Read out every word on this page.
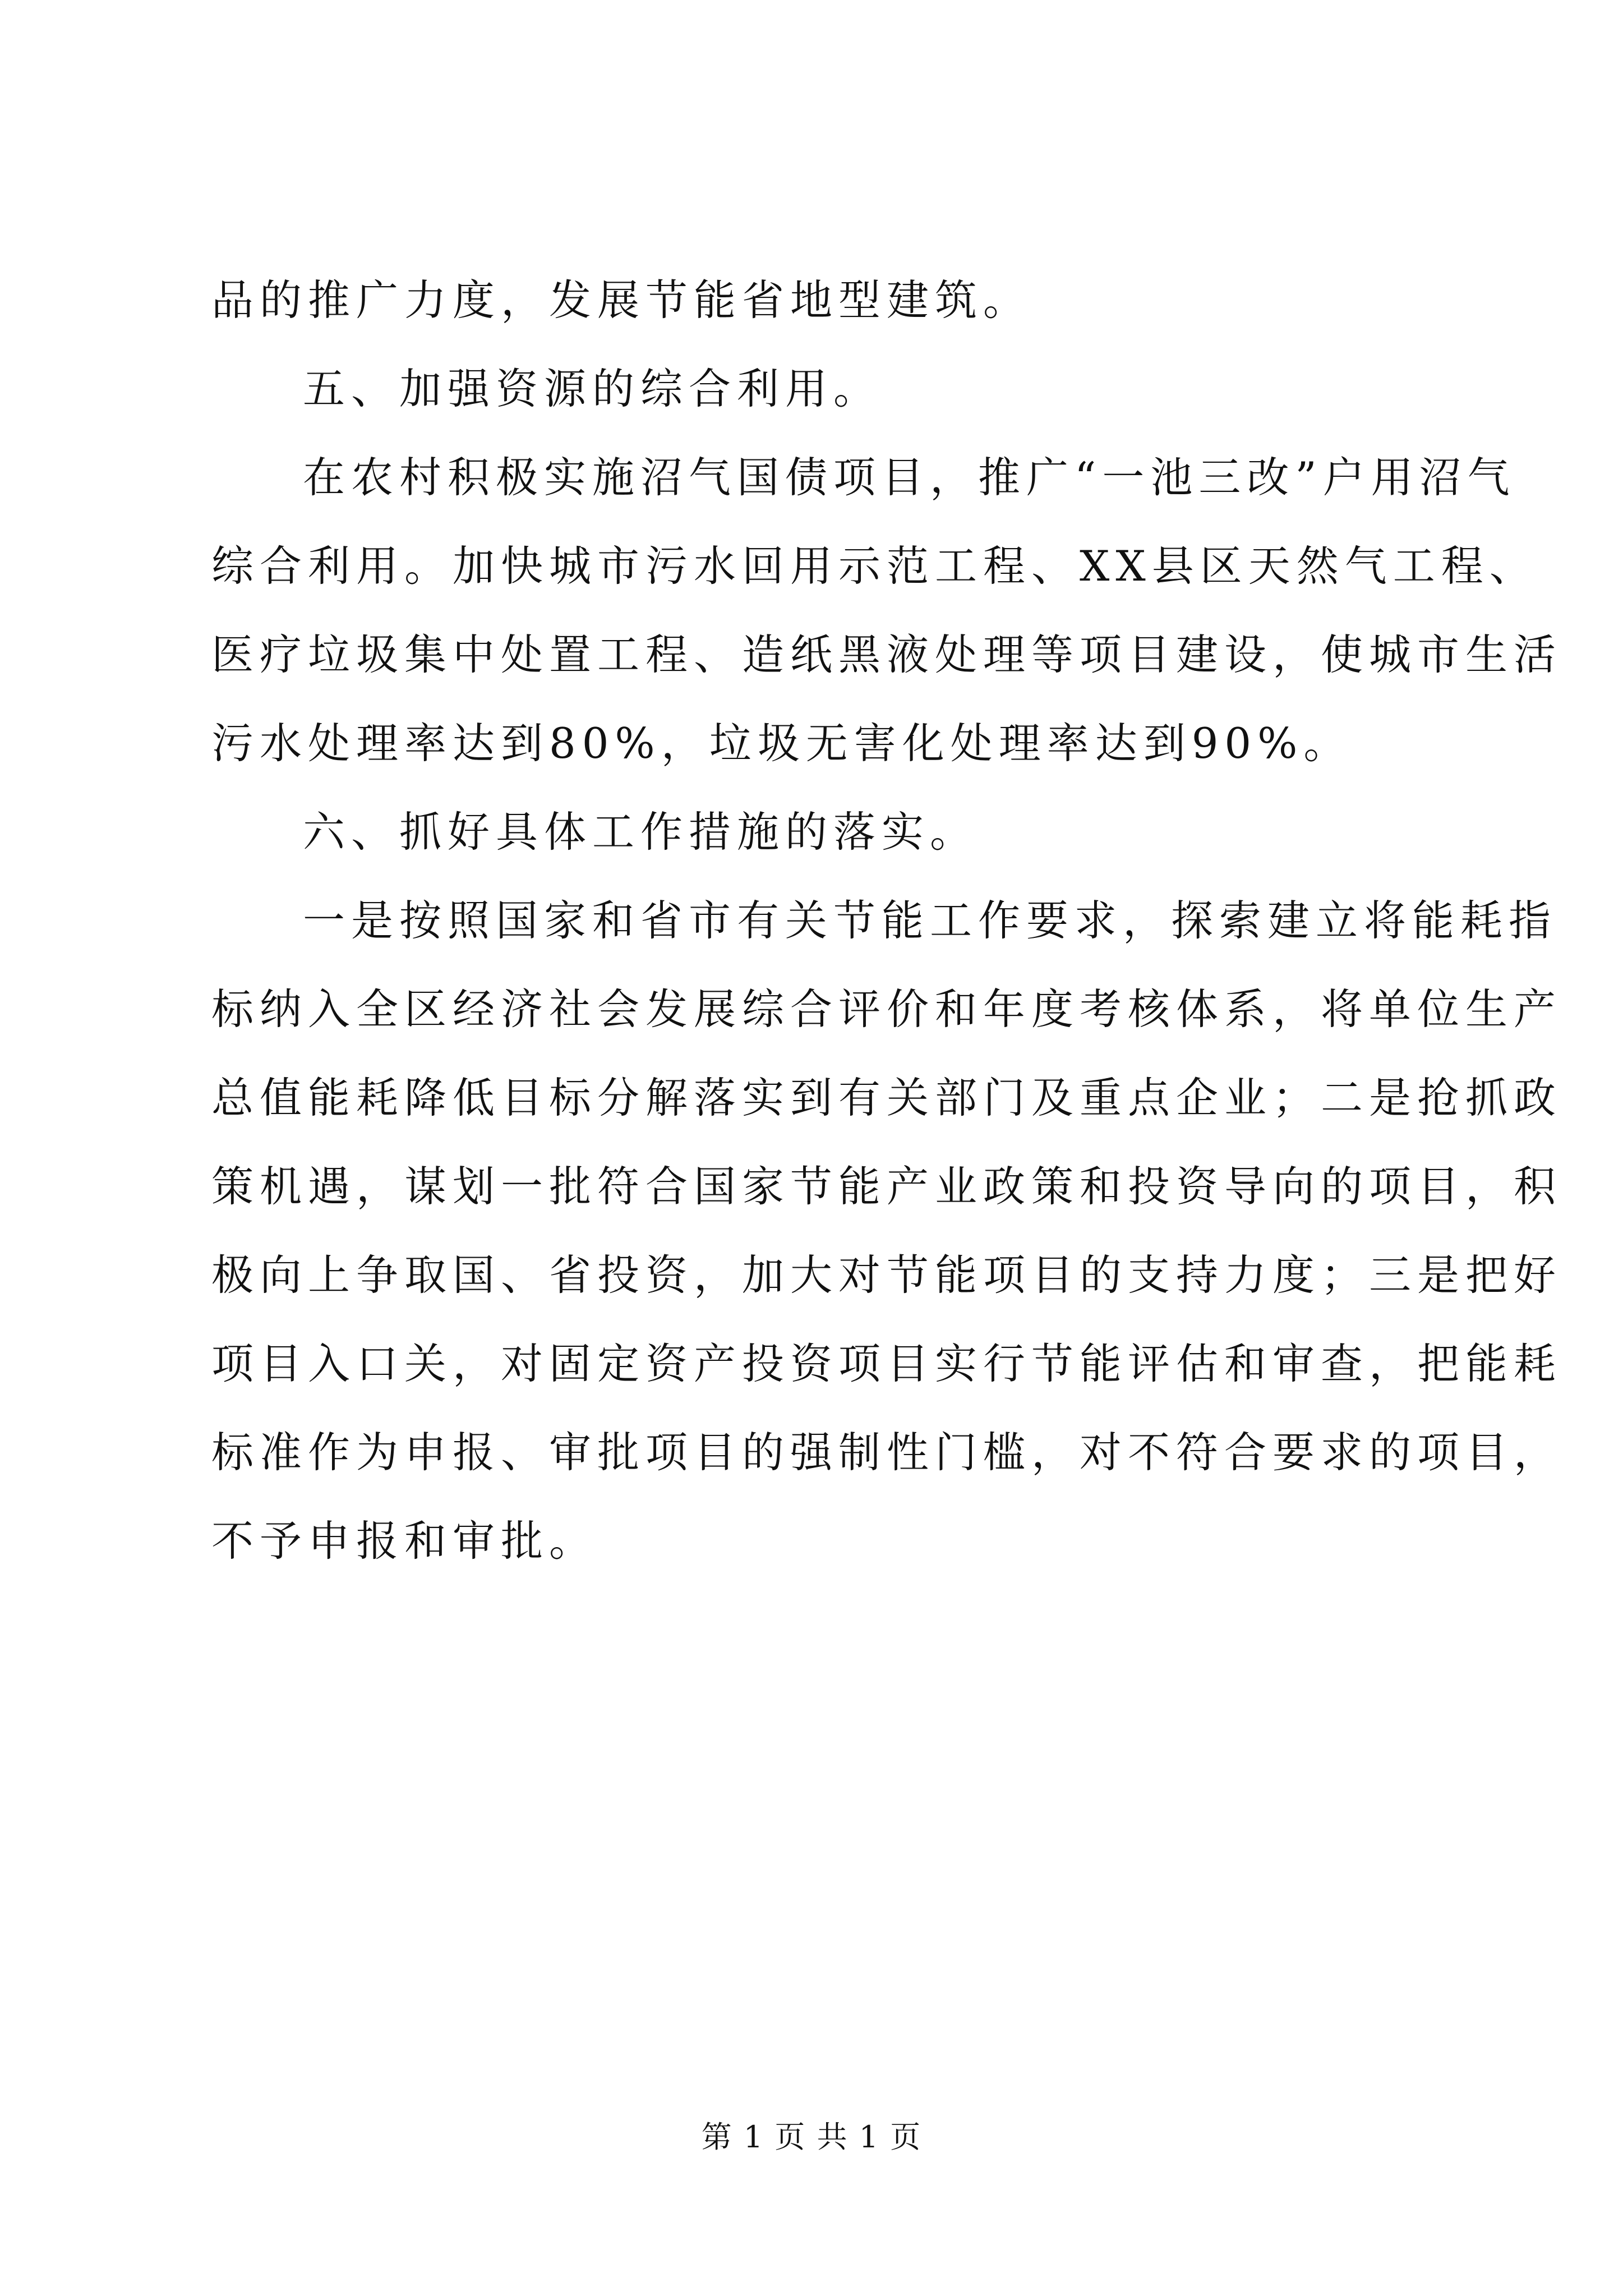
品的推广力度，发展节能省地型建筑。
五、加强资源的综合利用。
在农村积极实施沼气国债项目，推广“一池三改”户用沼气
综合利用。加快城市污水回用示范工程、XX县区天然气工程、
医疗垃圾集中处置工程、造纸黑液处理等项目建设，使城市生活
污水处理率达到80%，垃圾无害化处理率达到90%。
六、抓好具体工作措施的落实。
一是按照国家和省市有关节能工作要求，探索建立将能耗指
标纳入全区经济社会发展综合评价和年度考核体系，将单位生产
总值能耗降低目标分解落实到有关部门及重点企业；二是抢抓政
策机遇，谋划一批符合国家节能产业政策和投资导向的项目，积
极向上争取国、省投资，加大对节能项目的支持力度；三是把好
项目入口关，对固定资产投资项目实行节能评估和审查，把能耗
标准作为申报、审批项目的强制性门槛，对不符合要求的项目，
不予申报和审批。
第 1 页 共 1 页
